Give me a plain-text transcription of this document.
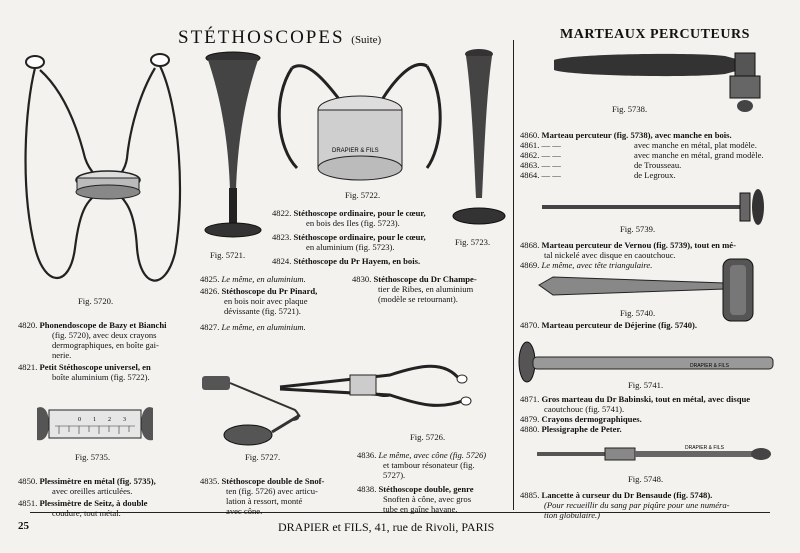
STÉTHOSCOPES (Suite)	MARTEAUX PERCUTEURS
DRAPIER & FILS
0 1 2 3
DRAPIER & FILS
DRAPIER & FILS
Fig. 5720.
Fig. 5721.
Fig. 5722.
Fig. 5723.
Fig. 5735.	Fig. 5727.
Fig. 5726.
Fig. 5738.
Fig. 5739.
Fig. 5740.
Fig. 5741.
Fig. 5748.
4820. Phonendoscope de Bazy et Bianchi
(fig. 5720), avec deux crayons
dermographiques, en boîte gai-
nerie.
4821. Petit Stéthoscope universel, en
boîte aluminium (fig. 5722).
4850. Plessimètre en métal (fig. 5735),
avec oreilles articulées.
4851. Plessimètre de Seitz, à double
coudure, tout métal.
4822. Stéthoscope ordinaire, pour le cœur,
en bois des Iles (fig. 5723).
4823. Stéthoscope ordinaire, pour le cœur,
en aluminium (fig. 5723).
4824. Stéthoscope du Pr Hayem, en bois.
4825. Le même, en aluminium.
4826. Stéthoscope du Pr Pinard,
en bois noir avec plaque
dévissante (fig. 5721).
4827. Le même, en aluminium.
4830. Stéthoscope du Dr Champe-
tier de Ribes, en aluminium
(modèle se retournant).
4835. Stéthoscope double de Snof-
ten (fig. 5726) avec articu-
lation à ressort, monté
avec cône.
4836. Le même, avec cône (fig. 5726)
et tambour résonateur (fig.
5727).
4838. Stéthoscope double, genre
Snoften à cône, avec gros
tube en gaîne havane.
4860. Marteau percuteur (fig. 5738), avec manche en bois.
4861. — —	avec manche en métal, plat modèle.

4862. — —	avec manche en métal, grand modèle.

4863. — —	de Trousseau.

4864. — —	de Legroux.
4868. Marteau percuteur de Vernou (fig. 5739), tout en mé-
tal nickelé avec disque en caoutchouc.
4869. Le même, avec tête triangulaire.
4870. Marteau percuteur de Déjerine (fig. 5740).
4871. Gros marteau du Dr Babinski, tout en métal, avec disque
caoutchouc (fig. 5741).
4879. Crayons dermographiques.
4880. Plessigraphe de Peter.
4885. Lancette à curseur du Dr Bensaude (fig. 5748).
(Pour recueillir du sang par piqûre pour une numéra-
tion globulaire.)
25	DRAPIER et FILS, 41, rue de Rivoli, PARIS
